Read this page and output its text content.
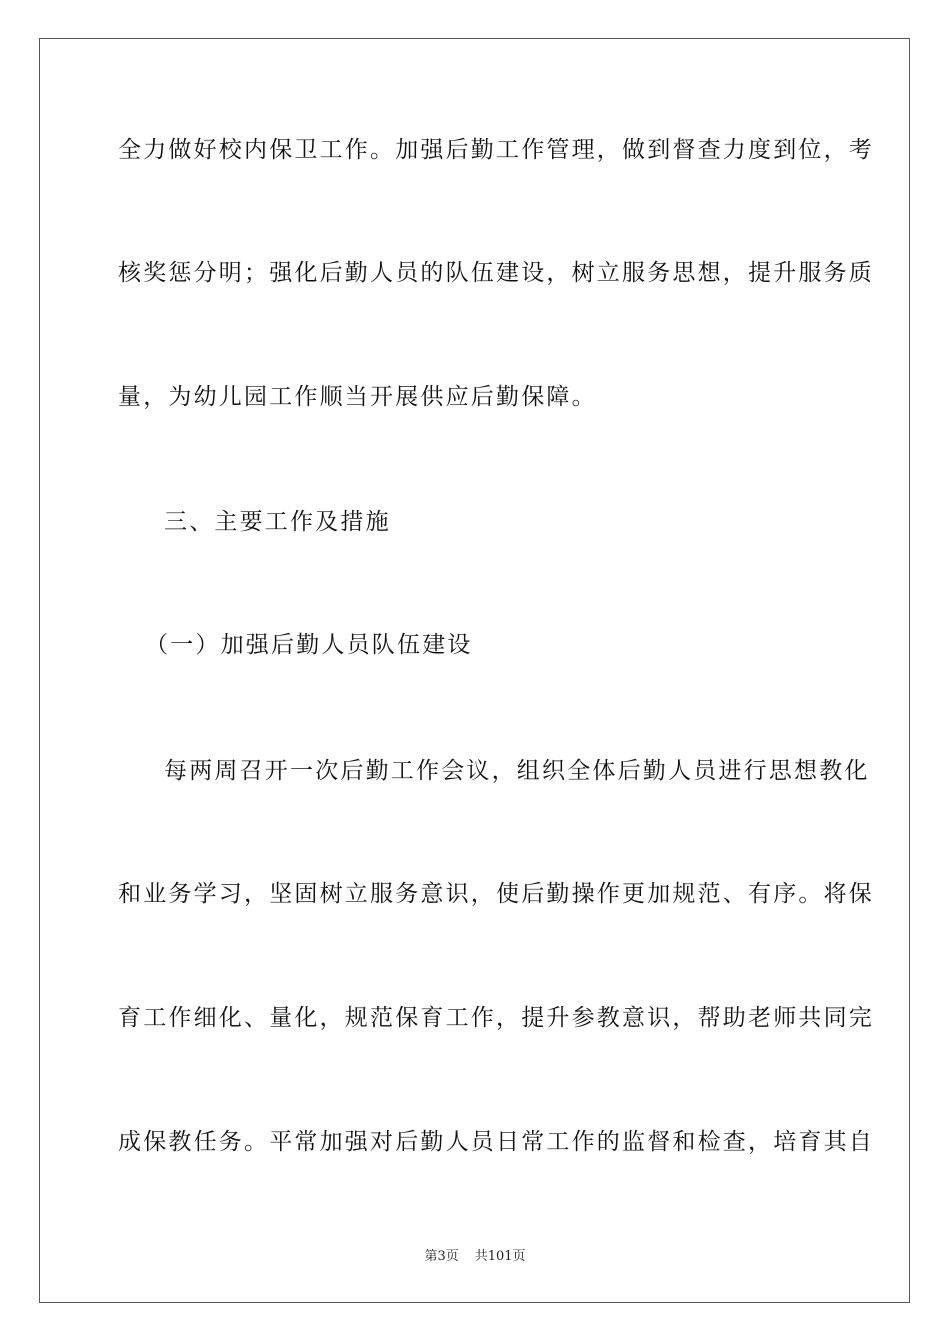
全力做好校内保卫工作。加强后勤工作管理，做到督查力度到位，考
核奖惩分明；强化后勤人员的队伍建设，树立服务思想，提升服务质
量，为幼儿园工作顺当开展供应后勤保障。
三、主要工作及措施
（一）加强后勤人员队伍建设
每两周召开一次后勤工作会议，组织全体后勤人员进行思想教化
和业务学习，坚固树立服务意识，使后勤操作更加规范、有序。将保
育工作细化、量化，规范保育工作，提升参教意识，帮助老师共同完
成保教任务。平常加强对后勤人员日常工作的监督和检查，培育其自
第3页 共101页
